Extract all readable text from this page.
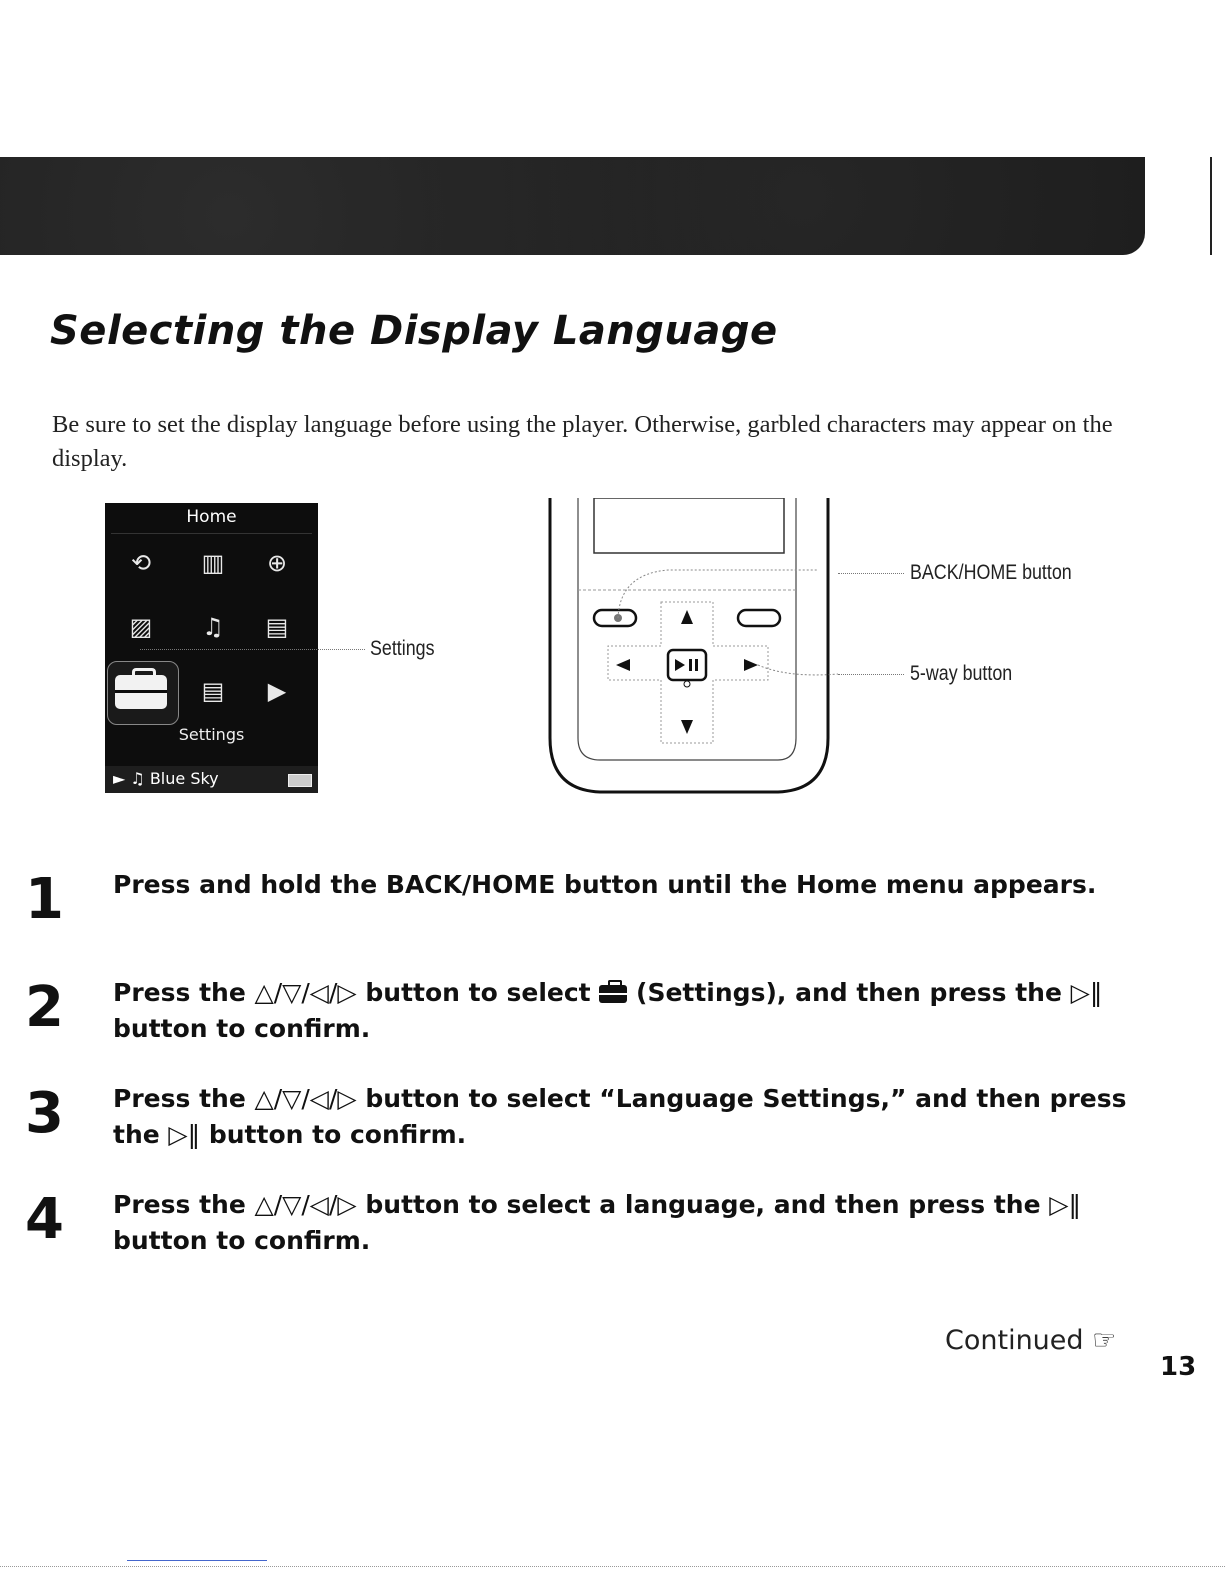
Selecting the Display Language

Be sure to set the display language before using the player. Otherwise, garbled characters may appear on the display.

Home
⟲	▥	⊕
▨	♫	▤
▤	▶
Settings
► ♫ Blue Sky
Settings
BACK/HOME button
5-way button
1	Press and hold the BACK/HOME button until the Home menu appears.

2	Press the △/▽/◁/▷ button to select
(Settings), and then press the ▷‖ button to confirm.

3	Press the △/▽/◁/▷ button to select “Language Settings,” and then press the ▷‖ button to confirm.

4	Press the △/▽/◁/▷ button to select a language, and then press the ▷‖ button to confirm.

Continued ☞
13
